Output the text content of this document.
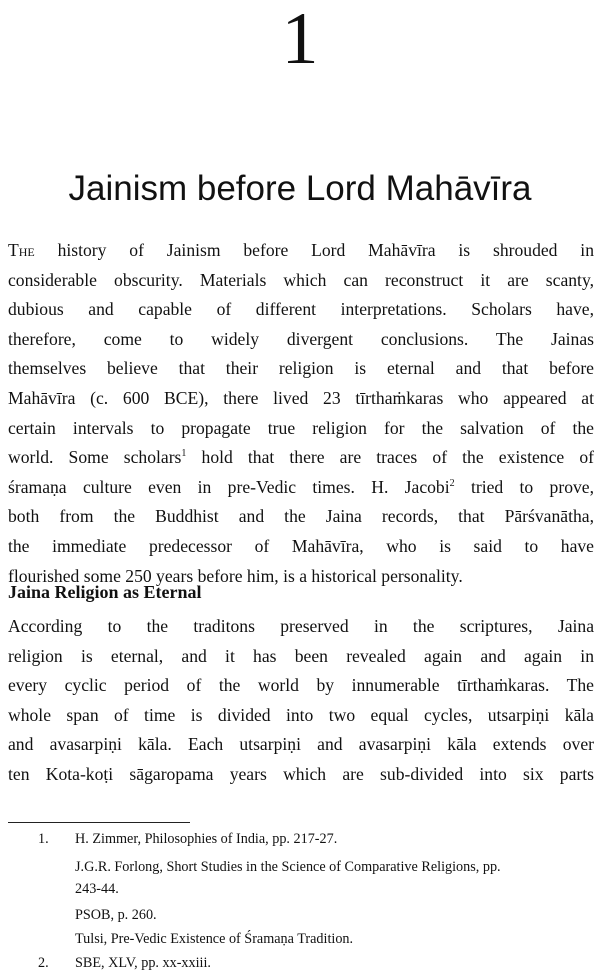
1
Jainism before Lord Mahāvīra
The history of Jainism before Lord Mahāvīra is shrouded in
considerable obscurity. Materials which can reconstruct it are scanty,
dubious and capable of different interpretations. Scholars have,
therefore, come to widely divergent conclusions. The Jainas
themselves believe that their religion is eternal and that before
Mahāvīra (c. 600 BCE), there lived 23 tīrthaṁkaras who appeared at
certain intervals to propagate true religion for the salvation of the
world. Some scholars$^1$ hold that there are traces of the existence of
śramaṇa culture even in pre-Vedic times. H. Jacobi$^2$ tried to prove,
both from the Buddhist and the Jaina records, that Pārśvanātha,
the immediate predecessor of Mahāvīra, who is said to have
flourished some 250 years before him, is a historical personality.
Jaina Religion as Eternal
According to the traditons preserved in the scriptures, Jaina
religion is eternal, and it has been revealed again and again in
every cyclic period of the world by innumerable tīrthaṁkaras. The
whole span of time is divided into two equal cycles, utsarpiṇi kāla
and avasarpiṇi kāla. Each utsarpiṇi and avasarpiṇi kāla extends over
ten Kota-koṭi sāgaropama years which are sub-divided into six parts
1. H. Zimmer, Philosophies of India, pp. 217-27.
J.G.R. Forlong, Short Studies in the Science of Comparative Religions, pp.
243-44.
PSOB, p. 260.
Tulsi, Pre-Vedic Existence of Śramaṇa Tradition.
2. SBE, XLV, pp. xx-xxiii.
